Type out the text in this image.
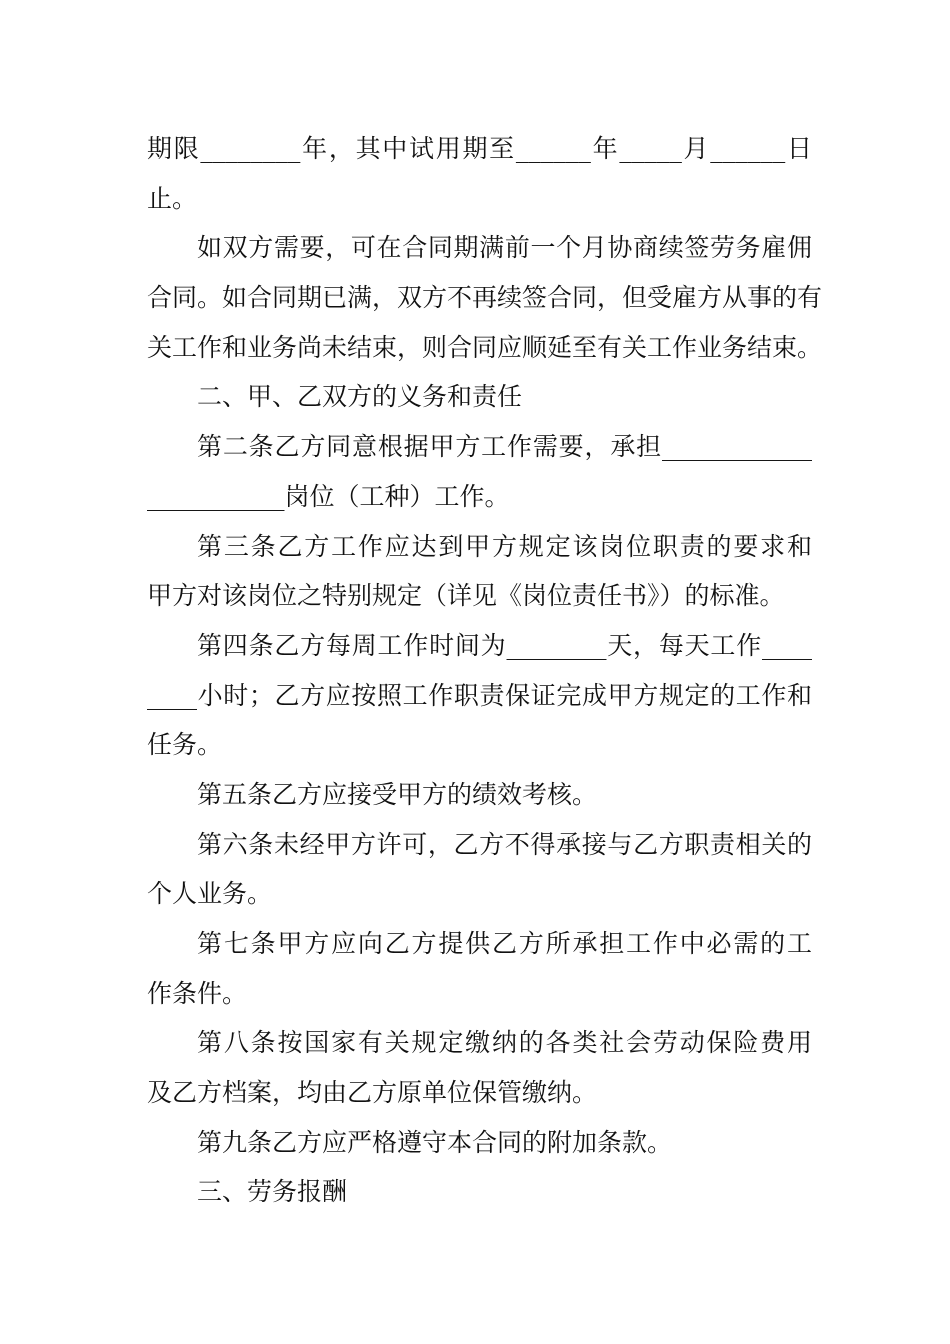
期限________年，其中试用期至______年_____月______日
止。
如双方需要，可在合同期满前一个月协商续签劳务雇佣
合同。如合同期已满，双方不再续签合同，但受雇方从事的有
关工作和业务尚未结束，则合同应顺延至有关工作业务结束。
二、甲、乙双方的义务和责任
第二条乙方同意根据甲方工作需要，承担____________
___________岗位（工种）工作。
第三条乙方工作应达到甲方规定该岗位职责的要求和
甲方对该岗位之特别规定（详见《岗位责任书》）的标准。
第四条乙方每周工作时间为________天，每天工作____
____小时；乙方应按照工作职责保证完成甲方规定的工作和
任务。
第五条乙方应接受甲方的绩效考核。
第六条未经甲方许可，乙方不得承接与乙方职责相关的
个人业务。
第七条甲方应向乙方提供乙方所承担工作中必需的工
作条件。
第八条按国家有关规定缴纳的各类社会劳动保险费用
及乙方档案，均由乙方原单位保管缴纳。
第九条乙方应严格遵守本合同的附加条款。
三、劳务报酬
